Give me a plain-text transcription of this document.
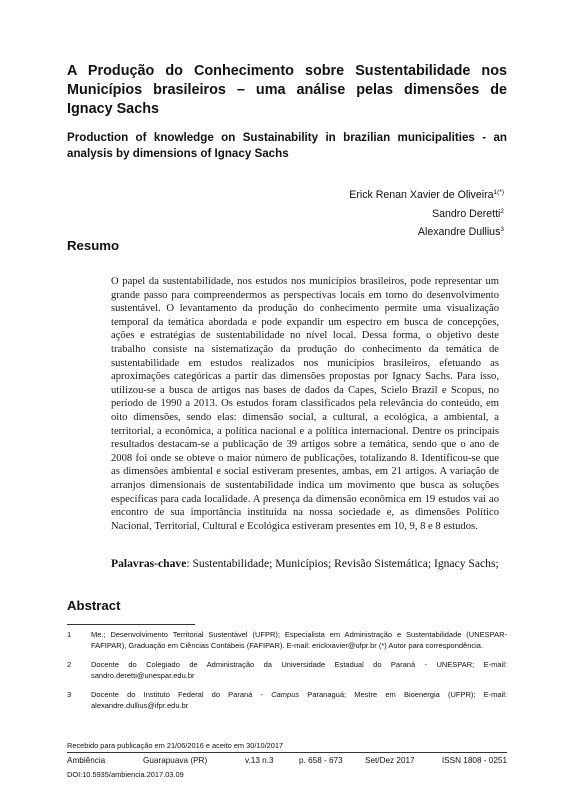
A Produção do Conhecimento sobre Sustentabilidade nos Municípios brasileiros – uma análise pelas dimensões de Ignacy Sachs
Production of knowledge on Sustainability in brazilian municipalities - an analysis by dimensions of Ignacy Sachs
Erick Renan Xavier de Oliveira$^{1(*)}$
Sandro Deretti$^2$
Alexandre Dullius$^3$
Resumo
O papel da sustentabilidade, nos estudos nos municípios brasileiros, pode representar um grande passo para compreendermos as perspectivas locais em torno do desenvolvimento sustentável. O levantamento da produção do conhecimento permite uma visualização temporal da temática abordada e pode expandir um espectro em busca de concepções, ações e estratégias de sustentabilidade no nível local. Dessa forma, o objetivo deste trabalho consiste na sistematização da produção do conhecimento da temática de sustentabilidade em estudos realizados nos municípios brasileiros, efetuando as aproximações categóricas a partir das dimensões propostas por Ignacy Sachs. Para isso, utilizou-se a busca de artigos nas bases de dados da Capes, Scielo Brazil e Scopus, no período de 1990 a 2013. Os estudos foram classificados pela relevância do conteúdo, em oito dimensões, sendo elas: dimensão social, a cultural, a ecológica, a ambiental, a territorial, a econômica, a política nacional e a política internacional. Dentre os principais resultados destacam-se a publicação de 39 artigos sobre a temática, sendo que o ano de 2008 foi onde se obteve o maior número de publicações, totalizando 8. Identificou-se que as dimensões ambiental e social estiveram presentes, ambas, em 21 artigos. A variação de arranjos dimensionais de sustentabilidade indica um movimento que busca as soluções específicas para cada localidade. A presença da dimensão econômica em 19 estudos vai ao encontro de sua importância instituída na nossa sociedade e, as dimensões Político Nacional, Territorial, Cultural e Ecológica estiveram presentes em 10, 9, 8 e 8 estudos.
Palavras-chave: Sustentabilidade; Municípios; Revisão Sistemática; Ignacy Sachs;
Abstract
1	Me.; Desenvolvimento Territorial Sustentável (UFPR); Especialista em Administração e Sustentabilidade (UNESPAR-FAFIPAR), Graduação em Ciências Contábeis (FAFIPAR). E-mail: erickxavier@ufpr.br (*) Autor para correspondência.
2	Docente do Colegiado de Administração da Universidade Estadual do Paraná - UNESPAR; E-mail: sandro.deretti@unespar.edu.br
3	Docente do Instituto Federal do Paraná - Campus Paranaguá; Mestre em Bioenergia (UFPR); E-mail: alexandre.dullius@ifpr.edu.br
Recebido para publicação em 21/06/2016 e aceito em 30/10/2017
Ambiência	Guarapuava (PR)	v.13 n.3	p. 658 - 673	Set/Dez 2017	ISSN 1808 - 0251
DOI:10.5935/ambiencia.2017.03.09
